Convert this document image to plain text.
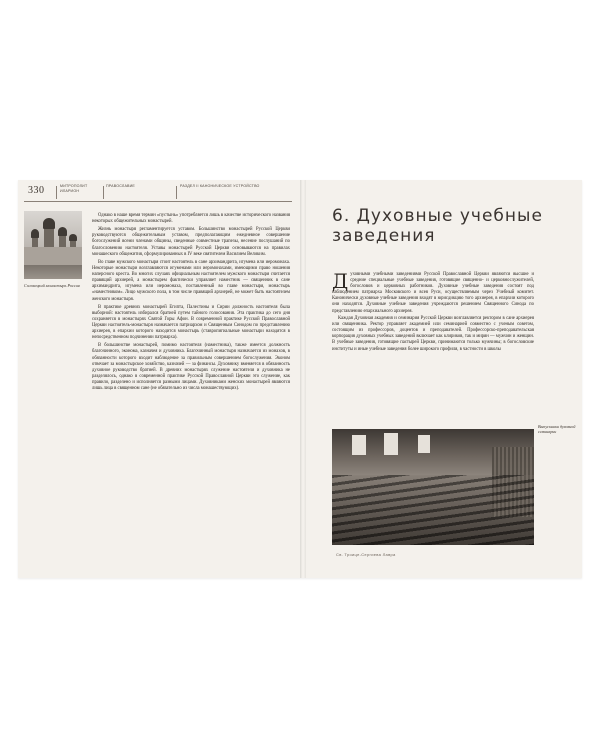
330	МИТРОПОЛИТ ИЛАРИОН
ПРАВОСЛАВИЕ	РАЗДЕЛ II КАНОНИЧЕСКОЕ УСТРОЙСТВО
Соловецкий монастырь Россия

Однако в наше время термин «пустынь» употребляется лишь в качестве исторического названия некоторых общежительных монастырей.

Жизнь монастыря регламентируется уставом. Большинство монастырей Русской Церкви руководствуются общежительным уставом, предполагающим ежедневное совершение богослужений всеми членами общины, сведенные совместные трапезы, несение послушаний по благословению настоятеля. Уставы монастырей Русской Церкви основываются на правилах монашеского общежития, сформулированных в IV веке святителем Василием Великим.

Во главе мужского монастыря стоит настоятель в сане архимандрита, игумена или иеромонаха. Некоторые монастыри возглавляются игуменами или иеромонахами, имеющими право ношения наперсного креста. Во многих случаях официальным настоятелем мужского монастыря считается правящий архиерей, а монастырем фактически управляет наместник — священник в сане архимандрита, игумена или иеромонаха, поставленный во главе монастыря, монастырь «наместником». Лицо мужского пола, в том числе правящий архиерей, не может быть настоятелем женского монастыря.

В практике древних монастырей Египта, Палестины и Сирии должность настоятеля была выборной: настоятель избирался братией путем тайного голосования. Эта практика до сего дня сохраняется в монастырях Святой Горы Афон. В современной практике Русской Православной Церкви настоятель-монастыря назначается патриархом и Священным Синодом по представлению архиерея, в епархии которого находится монастырь (ставропигиальные монастыри находятся в непосредственном подчинении патриарха).

В большинстве монастырей, помимо настоятеля (наместника), также имеется должность благочинного, эконома, казначея и духовника. Благочинный монастыря назначается из монахов, в обязанности которого входит наблюдение за правильным совершением богослужения. Эконом отвечает за монастырское хозяйство, казначей — за финансы. Духовнику вменяется в обязанность духовное руководство братией. В древних монастырях служение настоятеля и духовника не разделялось, однако в современной практике Русской Православной Церкви это служение, как правило, разделено и исполняется разными лицами. Духовниками женских монастырей являются лишь лица в священном сане (не обязательно из числа монашествующих).

6. Духовные учебные заведения

Духовными учебными заведениями Русской Православной Церкви являются высшие и средние специальные учебные заведения, готовящие священно- и церковнослужителей, богословов и церковных работников. Духовные учебные заведения состоят под наблюдением патриарха Московского и всея Руси, осуществляемым через Учебный комитет. Канонически духовные учебные заведения входят в юрисдикцию того архиерея, в епархии которого они находятся. Духовные учебные заведения учреждаются решением Священного Синода по представлению епархиального архиерея.

Каждая Духовная академия и семинария Русской Церкви возглавляется ректором в сане архиерея или священника. Ректор управляет академией или семинарией совместно с ученым советом, состоящим из профессоров, доцентов и преподавателей. Профессорско-преподавательская корпорация духовных учебных заведений включает как клириков, так и мирян — мужчин и женщин. В учебные заведения, готовящие пастырей Церкви, принимаются только мужчины; в богословские институты и иные учебные заведения более широкого профиля, в частности в школы

Выпускники духовной семинарии
Св. Троице-Сергиева Лавра
